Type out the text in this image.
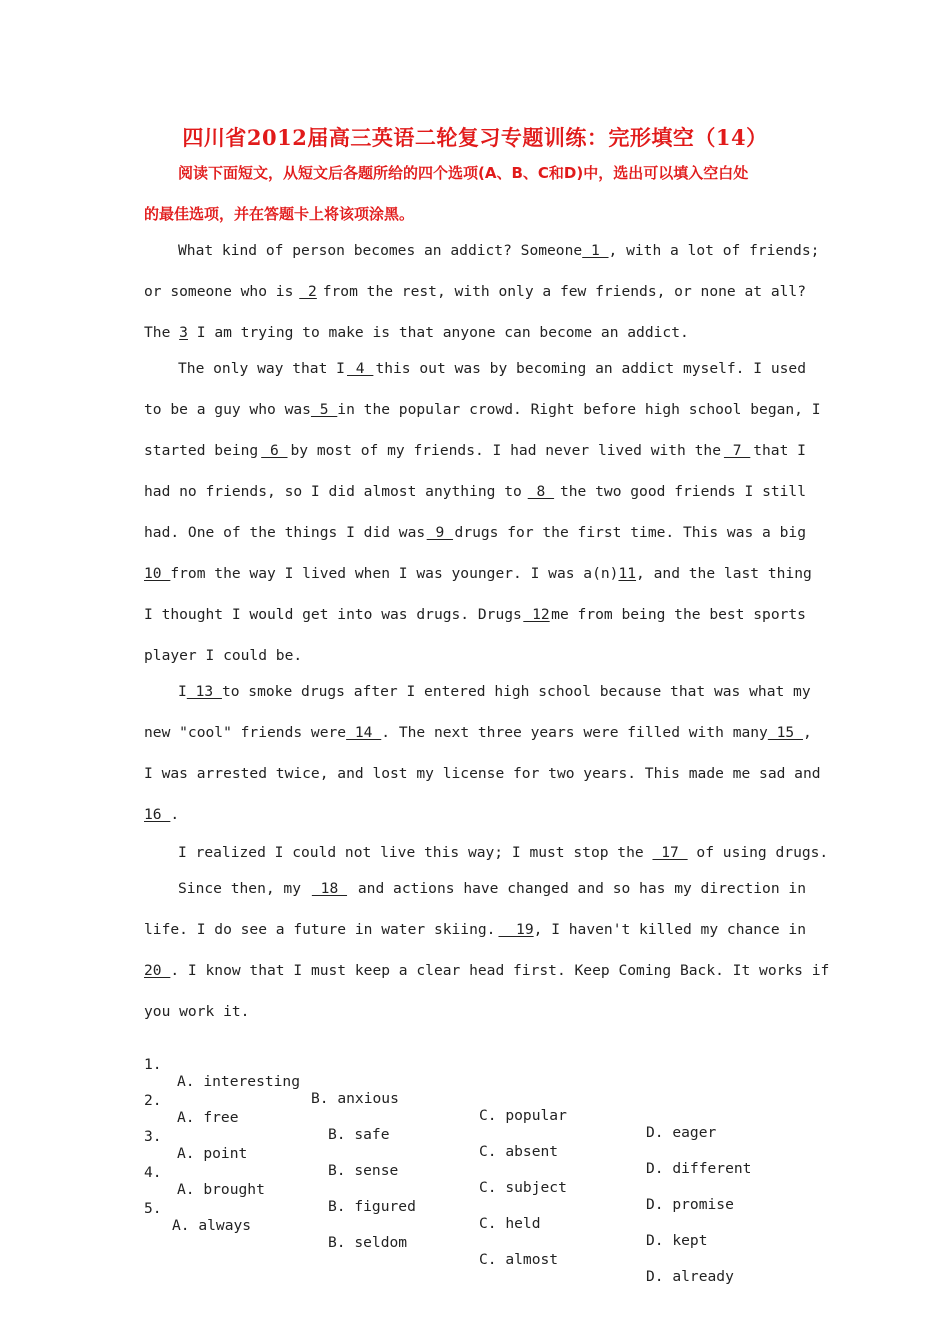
四川省2012届高三英语二轮复习专题训练：完形填空（14）
阅读下面短文，从短文后各题所给的四个选项(A、B、C和D)中，选出可以填入空白处
的最佳选项，并在答题卡上将该项涂黑。
What kind of person becomes an addict? Someone 1 , with a lot of friends;
or someone who is 2 from the rest, with only a few friends, or none at all?
The 3 I am trying to make is that anyone can become an addict.
The only way that I 4 this out was by becoming an addict myself. I used
to be a guy who was 5 in the popular crowd. Right before high school began, I
started being 6 by most of my friends. I had never lived with the 7 that I
had no friends, so I did almost anything to 8 the two good friends I still
had. One of the things I did was 9 drugs for the first time. This was a big
10 from the way I lived when I was younger. I was a(n) 11 , and the last thing
I thought I would get into was drugs. Drugs 12 me from being the best sports
player I could be.
I 13 to smoke drugs after I entered high school because that was what my
new "cool" friends were 14 . The next three years were filled with many 15 ,
I was arrested twice, and lost my license for two years. This made me sad and
16 .
I realized I could not live this way; I must stop the  17  of using drugs.
Since then, my 18 and actions have changed and so has my direction in
life. I do see a future in water skiing. 19, I haven't killed my chance in
20 . I know that I must keep a clear head first. Keep Coming Back. It works if
you work it.

1.

A. interesting

B. anxious

C. popular

D. eager

2.

A. free

B. safe

C. absent

D. different

3.

A. point

B. sense

C. subject

D. promise

4.

A. brought

B. figured

C. held

D. kept

5.

A. always

B. seldom

C. almost

D. already
